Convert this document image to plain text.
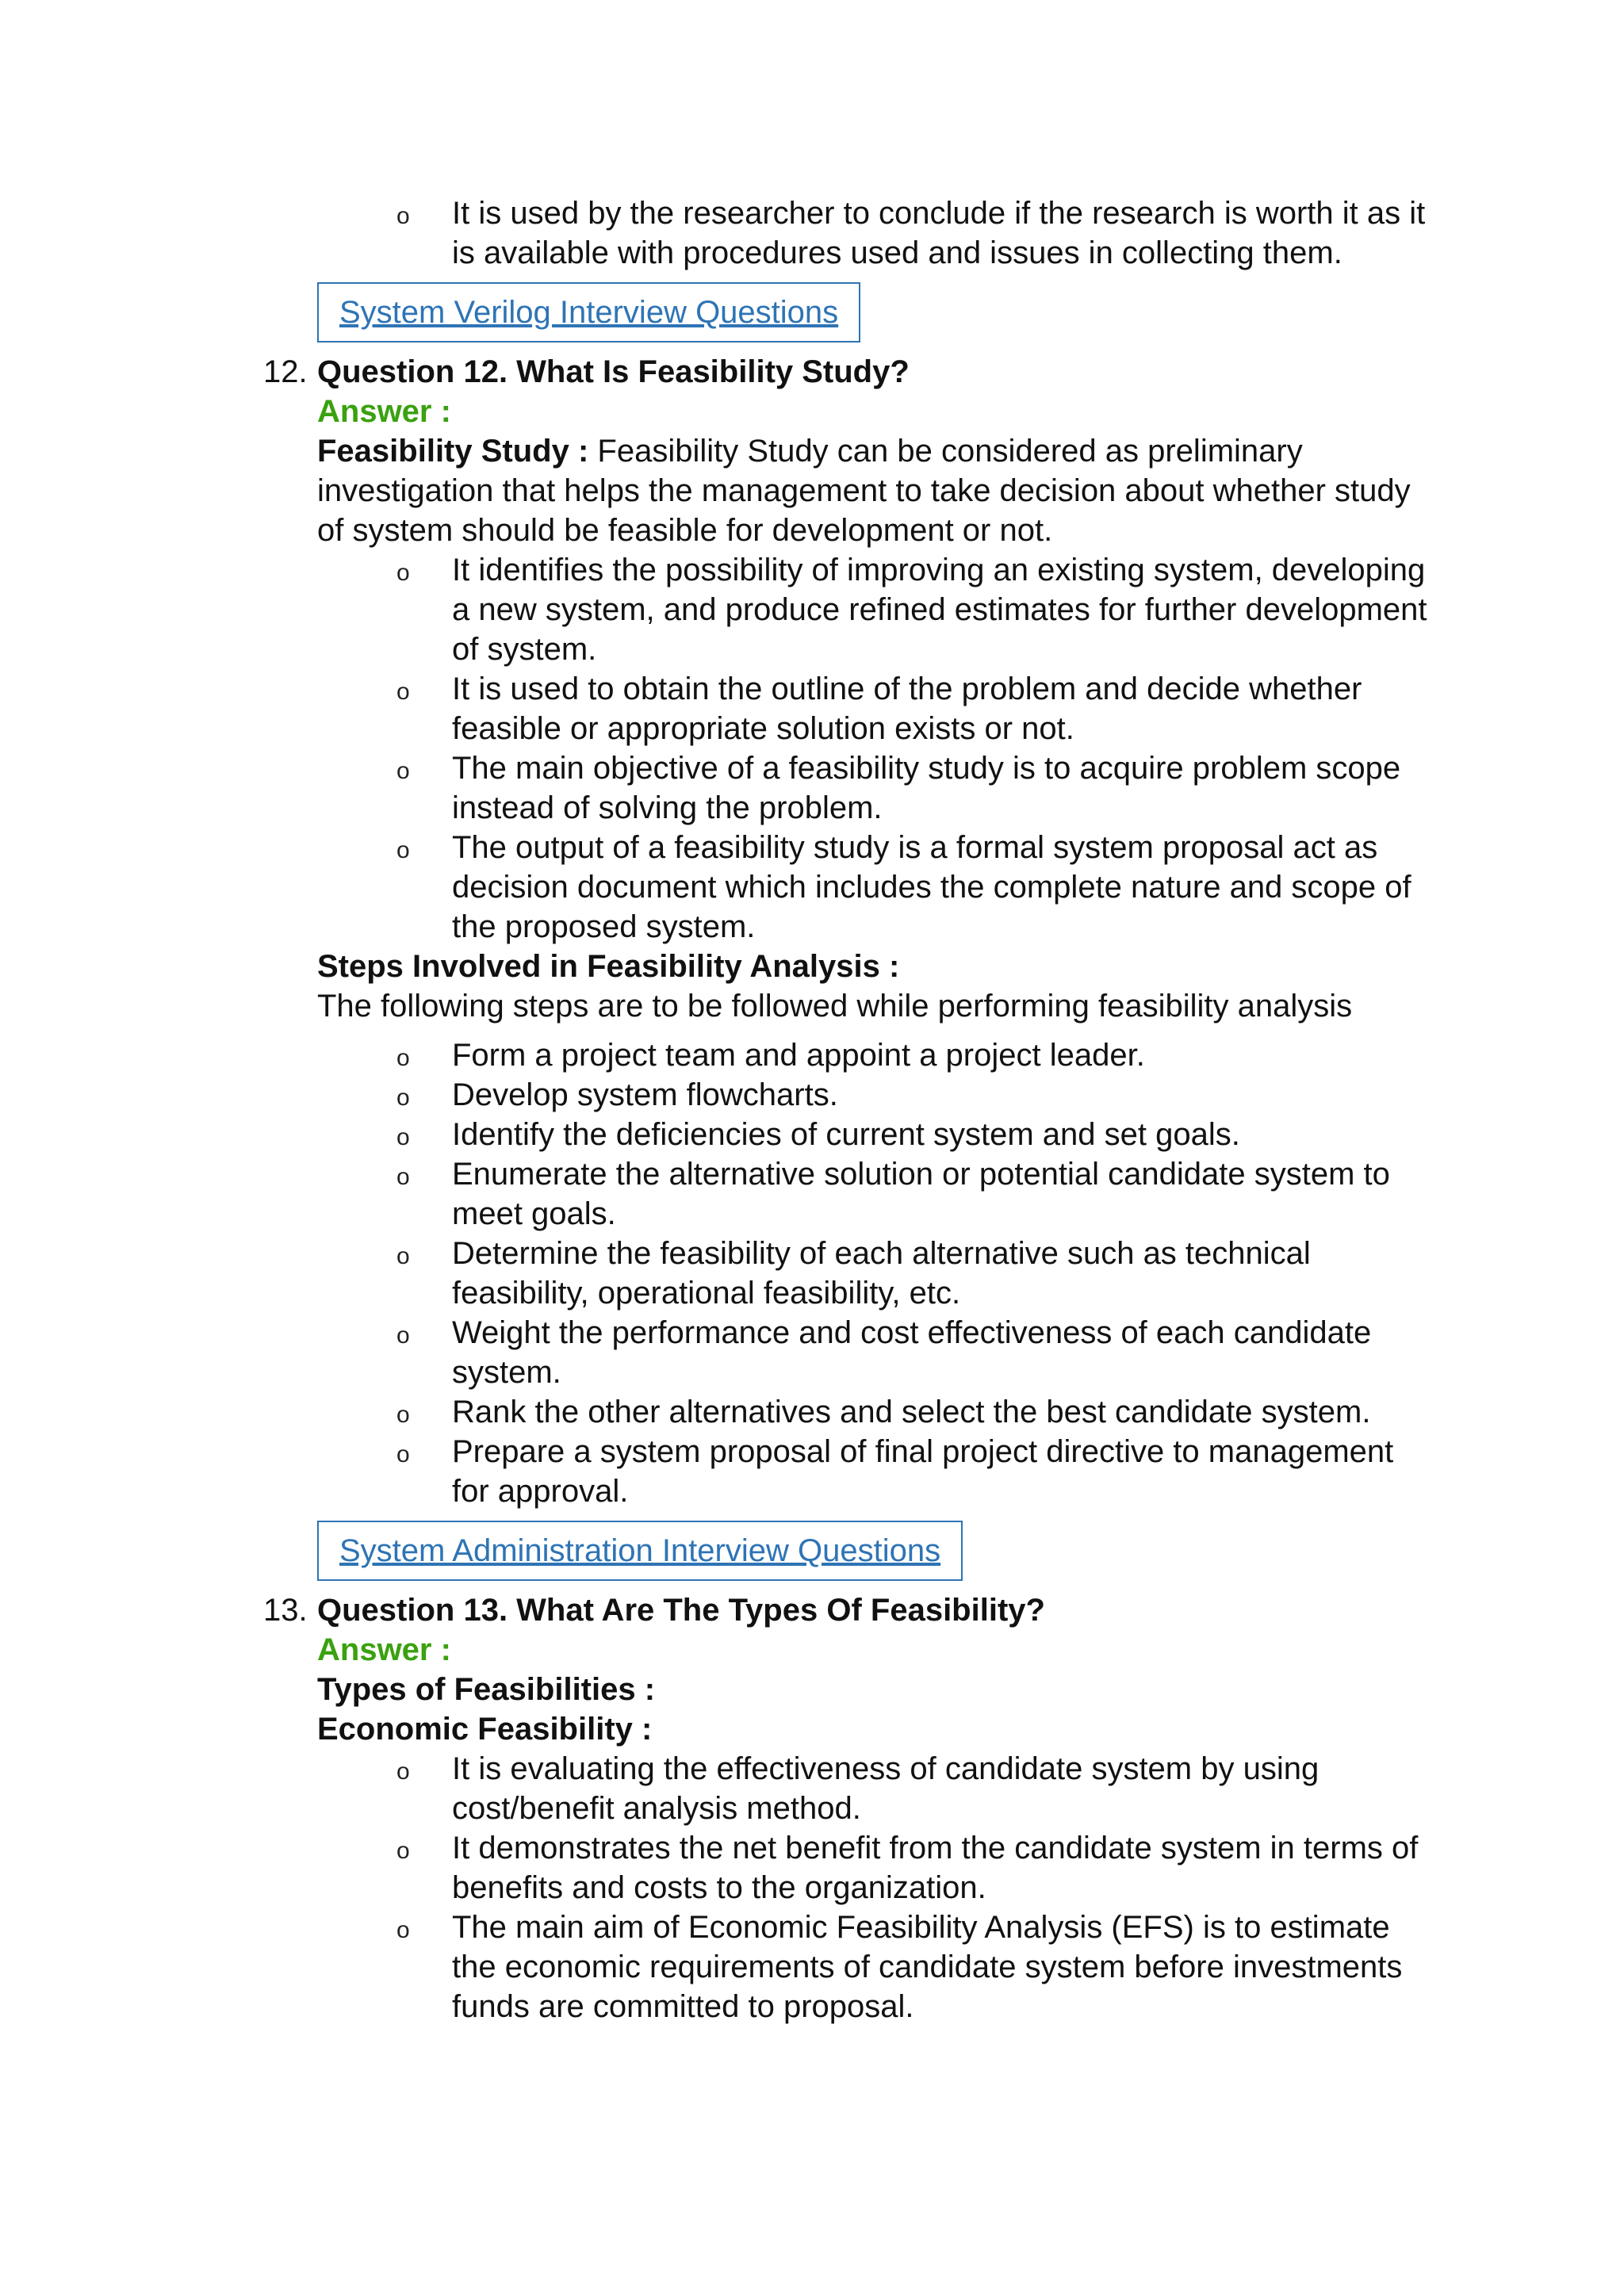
o It is used by the researcher to conclude if the research is worth it as it is available with procedures used and issues in collecting them.
System Verilog Interview Questions
12. Question 12. What Is Feasibility Study?
Answer :
Feasibility Study : Feasibility Study can be considered as preliminary investigation that helps the management to take decision about whether study of system should be feasible for development or not.
o It identifies the possibility of improving an existing system, developing a new system, and produce refined estimates for further development of system.
o It is used to obtain the outline of the problem and decide whether feasible or appropriate solution exists or not.
o The main objective of a feasibility study is to acquire problem scope instead of solving the problem.
o The output of a feasibility study is a formal system proposal act as decision document which includes the complete nature and scope of the proposed system.
Steps Involved in Feasibility Analysis :
The following steps are to be followed while performing feasibility analysis
o Form a project team and appoint a project leader.
o Develop system flowcharts.
o Identify the deficiencies of current system and set goals.
o Enumerate the alternative solution or potential candidate system to meet goals.
o Determine the feasibility of each alternative such as technical feasibility, operational feasibility, etc.
o Weight the performance and cost effectiveness of each candidate system.
o Rank the other alternatives and select the best candidate system.
o Prepare a system proposal of final project directive to management for approval.
System Administration Interview Questions
13. Question 13. What Are The Types Of Feasibility?
Answer :
Types of Feasibilities :
Economic Feasibility :
o It is evaluating the effectiveness of candidate system by using cost/benefit analysis method.
o It demonstrates the net benefit from the candidate system in terms of benefits and costs to the organization.
o The main aim of Economic Feasibility Analysis (EFS) is to estimate the economic requirements of candidate system before investments funds are committed to proposal.
